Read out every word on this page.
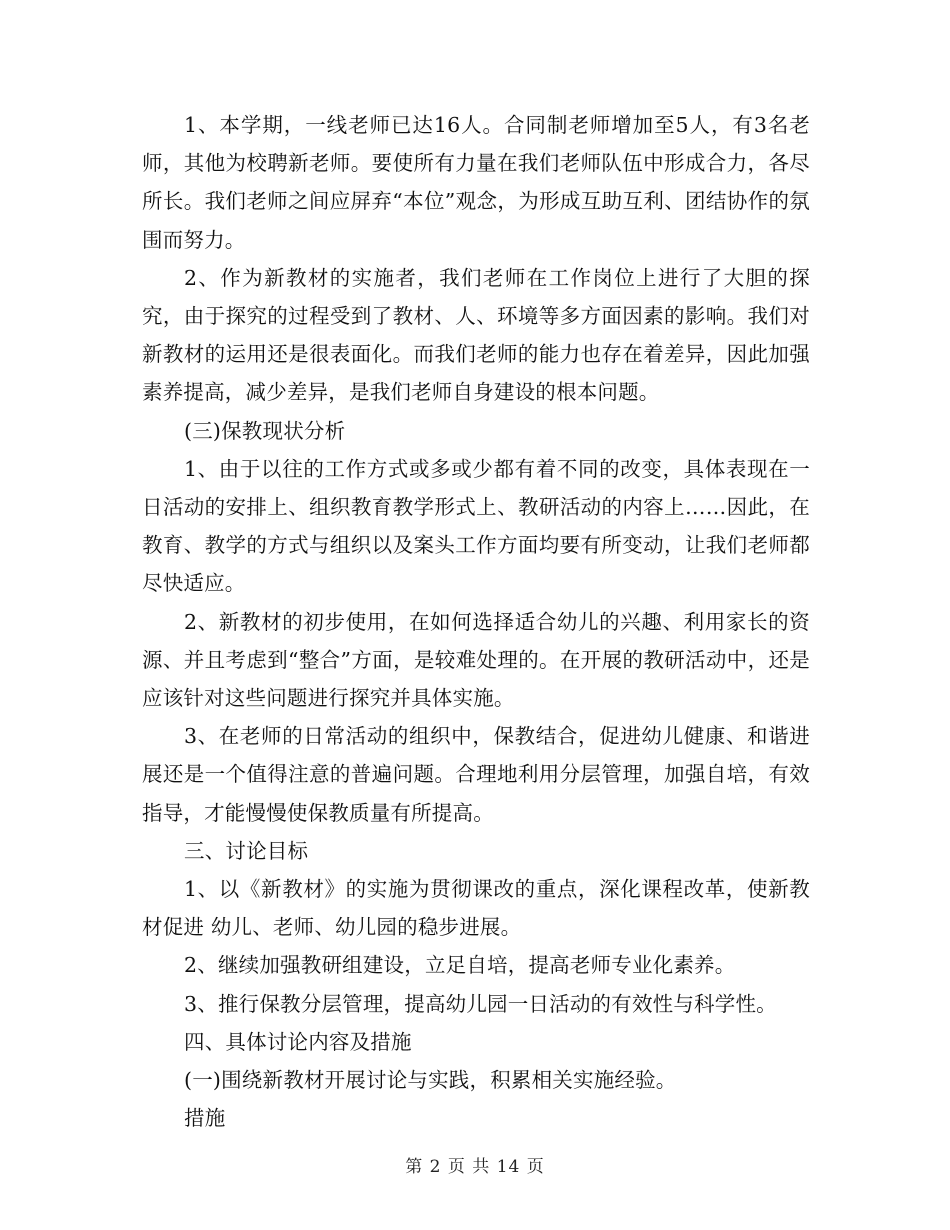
1、本学期，一线老师已达16人。合同制老师增加至5人，有3名老师，其他为校聘新老师。要使所有力量在我们老师队伍中形成合力，各尽所长。我们老师之间应屏弃“本位”观念，为形成互助互利、团结协作的氛围而努力。

2、作为新教材的实施者，我们老师在工作岗位上进行了大胆的探究，由于探究的过程受到了教材、人、环境等多方面因素的影响。我们对新教材的运用还是很表面化。而我们老师的能力也存在着差异，因此加强素养提高，减少差异，是我们老师自身建设的根本问题。

(三)保教现状分析

1、由于以往的工作方式或多或少都有着不同的改变，具体表现在一日活动的安排上、组织教育教学形式上、教研活动的内容上……因此，在教育、教学的方式与组织以及案头工作方面均要有所变动，让我们老师都尽快适应。

2、新教材的初步使用，在如何选择适合幼儿的兴趣、利用家长的资源、并且考虑到“整合”方面，是较难处理的。在开展的教研活动中，还是应该针对这些问题进行探究并具体实施。

3、在老师的日常活动的组织中，保教结合，促进幼儿健康、和谐进展还是一个值得注意的普遍问题。合理地利用分层管理，加强自培，有效指导，才能慢慢使保教质量有所提高。

三、讨论目标

1、以《新教材》的实施为贯彻课改的重点，深化课程改革，使新教材促进 幼儿、老师、幼儿园的稳步进展。

2、继续加强教研组建设，立足自培，提高老师专业化素养。

3、推行保教分层管理，提高幼儿园一日活动的有效性与科学性。

四、具体讨论内容及措施

(一)围绕新教材开展讨论与实践，积累相关实施经验。

措施

第 2 页 共 14 页
